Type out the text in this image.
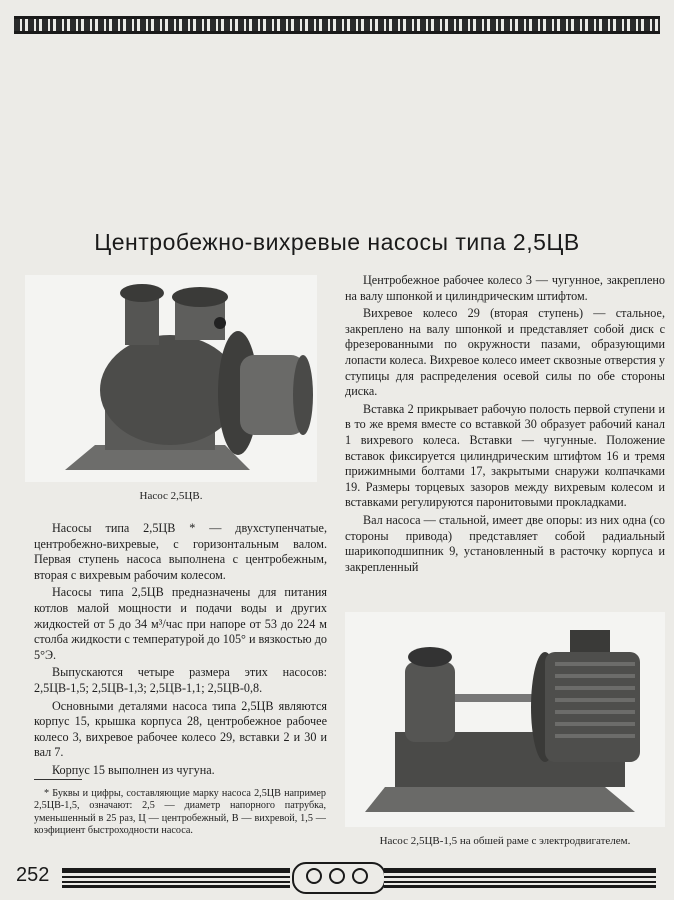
Центробежно-вихревые насосы типа 2,5ЦВ
Насос 2,5ЦВ.

Насосы типа 2,5ЦВ * — двухступенчатые, центробежно-вихревые, с горизонтальным валом. Первая ступень насоса выполнена с центробежным, вторая с вихревым рабочим колесом.

Насосы типа 2,5ЦВ предназначены для питания котлов малой мощности и подачи воды и других жидкостей от 5 до 34 м³/час при напоре от 53 до 224 м столба жидкости с температурой до 105° и вязкостью до 5°Э.

Выпускаются четыре размера этих насосов: 2,5ЦВ-1,5; 2,5ЦВ-1,3; 2,5ЦВ-1,1; 2,5ЦВ-0,8.

Основными деталями насоса типа 2,5ЦВ являются корпус 15, крышка корпуса 28, центробежное рабочее колесо 3, вихревое рабочее колесо 29, вставки 2 и 30 и вал 7.

Корпус 15 выполнен из чугуна.

* Буквы и цифры, составляющие марку насоса 2,5ЦВ например 2,5ЦВ-1,5, означают: 2,5 — диаметр напорного патрубка, уменьшенный в 25 раз, Ц — центробежный, В — вихревой, 1,5 — коэфициент быстроходности насоса.

Центробежное рабочее колесо 3 — чугунное, закреплено на валу шпонкой и цилиндрическим штифтом.

Вихревое колесо 29 (вторая ступень) — стальное, закреплено на валу шпонкой и представляет собой диск с фрезерованными по окружности пазами, образующими лопасти колеса. Вихревое колесо имеет сквозные отверстия у ступицы для распределения осевой силы по обе стороны диска.

Вставка 2 прикрывает рабочую полость первой ступени и в то же время вместе со вставкой 30 образует рабочий канал 1 вихревого колеса. Вставки — чугунные. Положение вставок фиксируется цилиндрическим штифтом 16 и тремя прижимными болтами 17, закрытыми снаружи колпачками 19. Размеры торцевых зазоров между вихревым колесом и вставками регулируются паронитовыми прокладками.

Вал насоса — стальной, имеет две опоры: из них одна (со стороны привода) представляет собой радиальный шарикоподшипник 9, установленный в расточку корпуса и закрепленный

Насос 2,5ЦВ-1,5 на обшей раме с электродвигателем.
252
